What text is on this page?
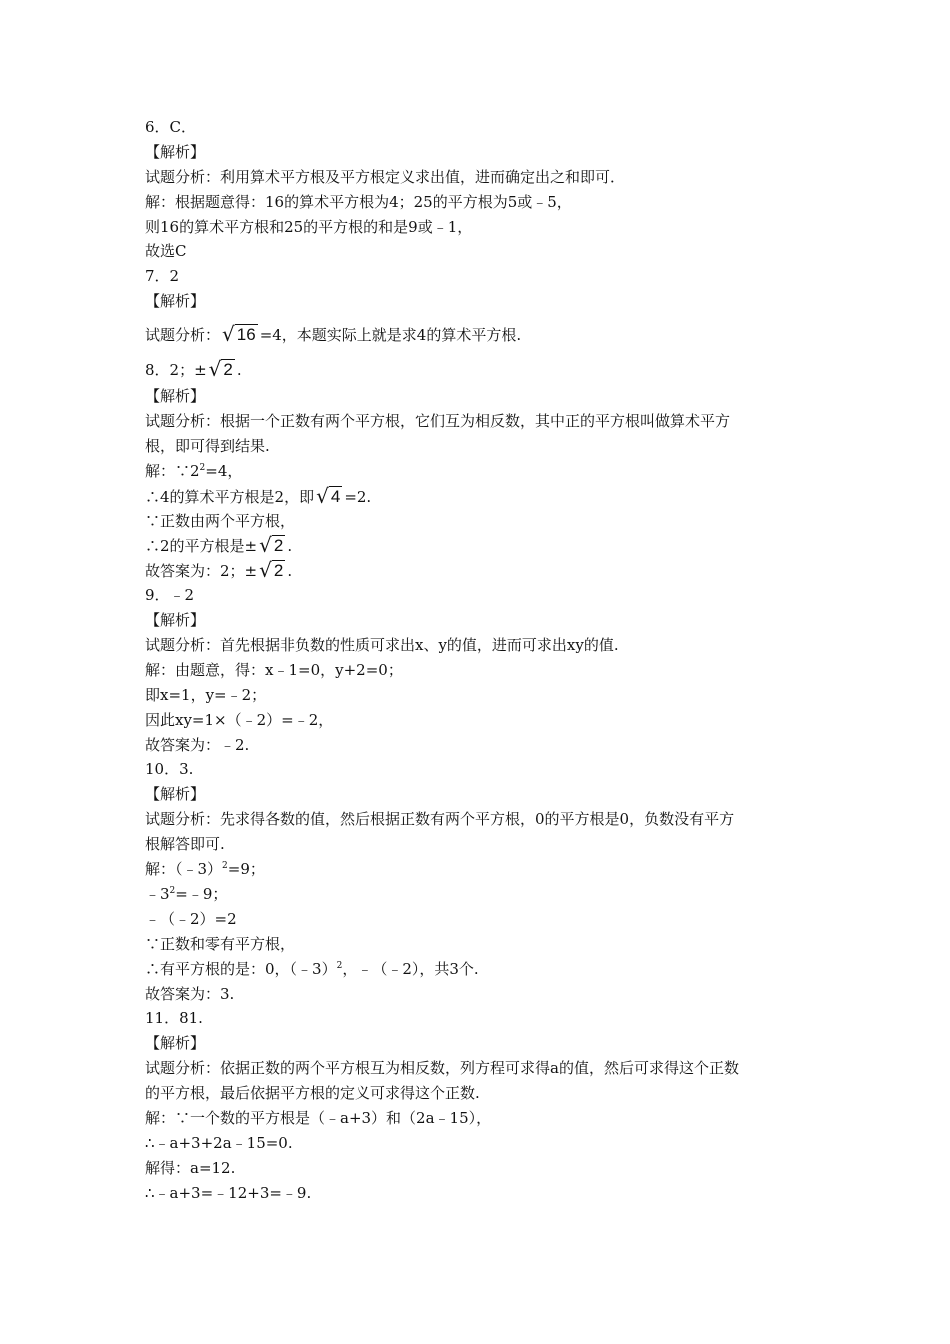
6．C．
【解析】
试题分析：利用算术平方根及平方根定义求出值，进而确定出之和即可．
解：根据题意得：16的算术平方根为4；25的平方根为5或﹣5，
则16的算术平方根和25的平方根的和是9或﹣1，
故选C
7．2
【解析】
试题分析： √ 16 =4，本题实际上就是求4的算术平方根.
8．2；± √ 2 .
【解析】
试题分析：根据一个正数有两个平方根，它们互为相反数，其中正的平方根叫做算术平方
根，即可得到结果.
解：$\because 2^2=4$，
∴4的算术平方根是2，即 √ 4 =2.
∵正数由两个平方根，
∴2的平方根是± √ 2 .
故答案为：2；± √ 2 .
9．﹣2
【解析】
试题分析：首先根据非负数的性质可求出x、y的值，进而可求出xy的值.
解：由题意，得：x﹣1=0，y+2=0；
即x=1，y=﹣2；
因此xy=1×（﹣2）=﹣2，
故答案为：﹣2.
10．3.
【解析】
试题分析：先求得各数的值，然后根据正数有两个平方根，0的平方根是0，负数没有平方
根解答即可.
解：（﹣3）$^2$=9；
$﹣3^2=﹣9$；
﹣（﹣2）=2
∵正数和零有平方根，
∴有平方根的是：0，（﹣3）$^2$，﹣（﹣2），共3个.
故答案为：3.
11．81.
【解析】
试题分析：依据正数的两个平方根互为相反数，列方程可求得a的值，然后可求得这个正数
的平方根，最后依据平方根的定义可求得这个正数.
解：∵一个数的平方根是（﹣a+3）和（2a﹣15），
∴﹣a+3+2a﹣15=0.
解得：a=12.
∴﹣a+3=﹣12+3=﹣9.
